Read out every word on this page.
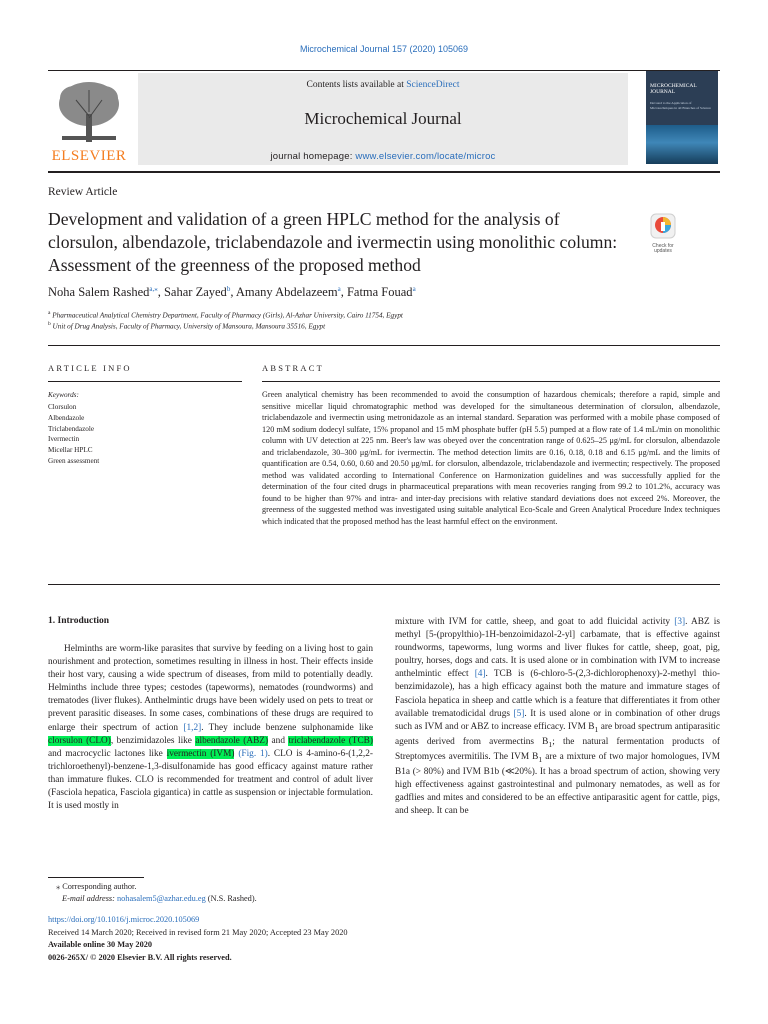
Microchemical Journal 157 (2020) 105069
ELSEVIER
Contents lists available at ScienceDirect
Microchemical Journal
journal homepage: www.elsevier.com/locate/microc
MICROCHEMICAL JOURNAL
Devoted to the Application of Microtechniques in all Branches of Science
Review Article
Development and validation of a green HPLC method for the analysis of clorsulon, albendazole, triclabendazole and ivermectin using monolithic column: Assessment of the greenness of the proposed method
Check for updates
Noha Salem Rashed$^{a,⁎}$, Sahar Zayed$^b$, Amany Abdelazeem$^a$, Fatma Fouad$^a$
$^a$ Pharmaceutical Analytical Chemistry Department, Faculty of Pharmacy (Girls), Al-Azhar University, Cairo 11754, Egypt
$^b$ Unit of Drug Analysis, Faculty of Pharmacy, University of Mansoura, Mansoura 35516, Egypt
ARTICLE INFO
Keywords:
Clorsulon
Albendazole
Triclabendazole
Ivermectin
Micellar HPLC
Green assessment
ABSTRACT
Green analytical chemistry has been recommended to avoid the consumption of hazardous chemicals; therefore a rapid, simple and sensitive micellar liquid chromatographic method was developed for the simultaneous determination of clorsulon, albendazole, triclabendazole and ivermectin using metronidazole as an internal standard. Separation was performed with a mobile phase composed of 120 mM sodium dodecyl sulfate, 15% propanol and 15 mM phosphate buffer (pH 5.5) pumped at a flow rate of 1.4 mL/min on monolithic column with UV detection at 225 nm. Beer's law was obeyed over the concentration range of 0.625–25 μg/mL for clorsulon, albendazole and triclabendazole, 30–300 μg/mL for ivermectin. The method detection limits are 0.16, 0.18, 0.18 and 6.15 μg/mL and the limits of quantification are 0.54, 0.60, 0.60 and 20.50 μg/mL for clorsulon, albendazole, triclabendazole and ivermectin; respectively. The proposed method was validated according to International Conference on Harmonization guidelines and was successfully applied for the determination of the four cited drugs in pharmaceutical preparations with mean recoveries ranging from 99.2 to 101.2%, accuracy was found to be higher than 97% and intra- and inter-day precisions with relative standard deviations does not exceed 2%. Moreover, the greenness of the suggested method was investigated using suitable analytical Eco-Scale and Green Analytical Procedure Index techniques which indicated that the proposed method has the least harmful effect on the environment.
1. Introduction

Helminths are worm-like parasites that survive by feeding on a living host to gain nourishment and protection, sometimes resulting in illness in host. Their effects inside their host vary, causing a wide spectrum of diseases, from mild to potentially deadly. Helminths include three types; cestodes (tapeworms), nematodes (roundworms) and trematodes (liver flukes). Anthelmintic drugs have been widely used on pets to treat or prevent parasitic diseases. In some cases, combinations of these drugs are required to enlarge their spectrum of action [1,2]. They include benzene sulphonamide like clorsulon (CLO), benzimidazoles like albendazole (ABZ) and triclabendazole (TCB) and macrocyclic lactones like ivermectin (IVM) (Fig. 1). CLO is 4-amino-6-(1,2,2-trichloroethenyl)-benzene-1,3-disulfonamide has good efficacy against mature rather than immature flukes. CLO is recommended for treatment and control of adult liver (Fasciola hepatica, Fasciola gigantica) in cattle as suspension or injectable formulation. It is used mostly in

mixture with IVM for cattle, sheep, and goat to add fluicidal activity [3]. ABZ is methyl [5-(propylthio)-1H-benzoimidazol-2-yl] carbamate, that is effective against roundworms, tapeworms, lung worms and liver flukes for cattle, sheep, goat, pig, poultry, horses, dogs and cats. It is used alone or in combination with IVM to increase anthelmintic effect [4]. TCB is (6-chloro-5-(2,3-dichlorophenoxy)-2-methyl thio-benzimidazole), has a high efficacy against both the mature and immature stages of Fasciola hepatica in sheep and cattle which is a feature that differentiates it from other available trematodicidal drugs [5]. It is used alone or in combination of other drugs such as IVM and or ABZ to increase efficacy. IVM $B_1$ are broad spectrum antiparasitic agents derived from avermectins $B_1$; the natural fermentation products of Streptomyces avermitilis. The IVM $B_1$ are a mixture of two major homologues, IVM B1a (> 80%) and IVM B1b (≪20%). It has a broad spectrum of action, showing very high effectiveness against gastrointestinal and pulmonary nematodes, as well as for gadflies and mites and considered to be an effective antiparasitic agent for cattle, pigs, and sheep. It can be

⁎ Corresponding author.
E-mail address: nohasalem5@azhar.edu.eg (N.S. Rashed).
https://doi.org/10.1016/j.microc.2020.105069
Received 14 March 2020; Received in revised form 21 May 2020; Accepted 23 May 2020
Available online 30 May 2020
0026-265X/ © 2020 Elsevier B.V. All rights reserved.
